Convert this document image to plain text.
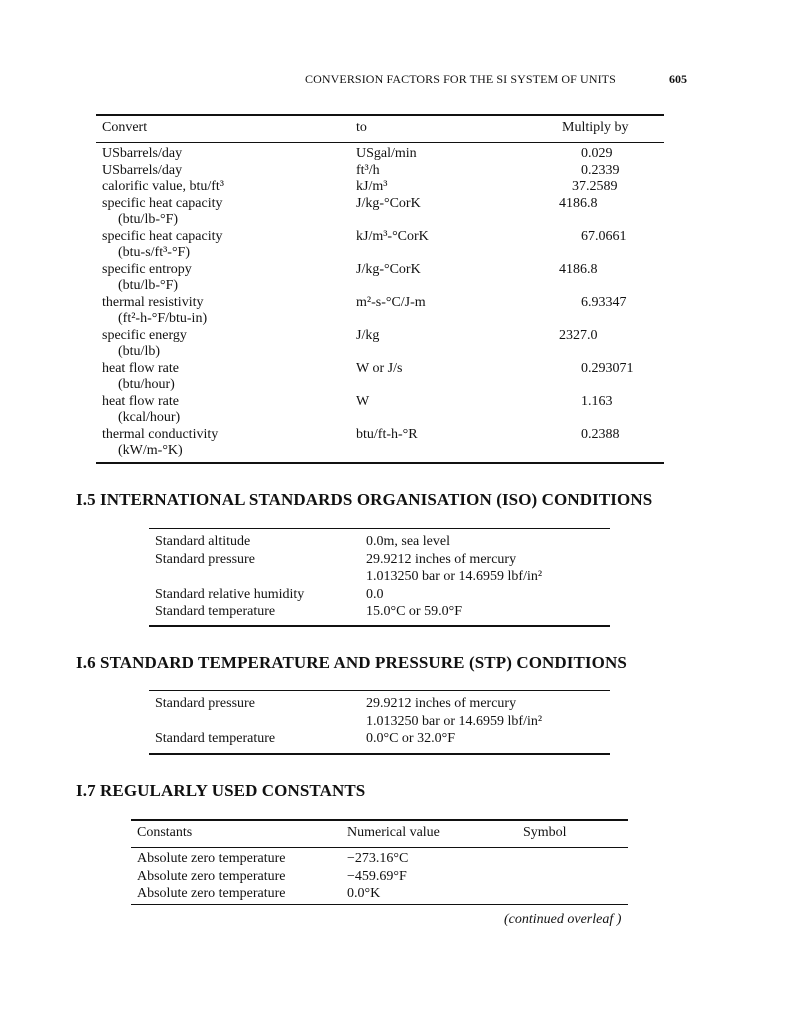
CONVERSION FACTORS FOR THE SI SYSTEM OF UNITS	605
Convert	to	Multiply by
USbarrels/day	USgal/min	0.029
USbarrels/day	ft³/h	0.2339
calorific value, btu/ft³	kJ/m³	37.2589
specific heat capacity	J/kg-°CorK	4186.8
(btu/lb-°F)
specific heat capacity	kJ/m³-°CorK	67.0661
(btu-s/ft³-°F)
specific entropy	J/kg-°CorK	4186.8
(btu/lb-°F)
thermal resistivity	m²-s-°C/J-m	6.93347
(ft²-h-°F/btu-in)
specific energy	J/kg	2327.0
(btu/lb)
heat flow rate	W or J/s	0.293071
(btu/hour)
heat flow rate	W	1.163
(kcal/hour)
thermal conductivity	btu/ft-h-°R	0.2388
(kW/m-°K)
I.5 INTERNATIONAL STANDARDS ORGANISATION (ISO) CONDITIONS
Standard altitude	0.0m, sea level
Standard pressure	29.9212 inches of mercury
1.013250 bar or 14.6959 lbf/in²
Standard relative humidity	0.0
Standard temperature	15.0°C or 59.0°F
I.6 STANDARD TEMPERATURE AND PRESSURE (STP) CONDITIONS
Standard pressure	29.9212 inches of mercury
1.013250 bar or 14.6959 lbf/in²
Standard temperature	0.0°C or 32.0°F
I.7 REGULARLY USED CONSTANTS
Constants	Numerical value	Symbol
Absolute zero temperature	−273.16°C
Absolute zero temperature	−459.69°F
Absolute zero temperature	0.0°K
(continued overleaf )
